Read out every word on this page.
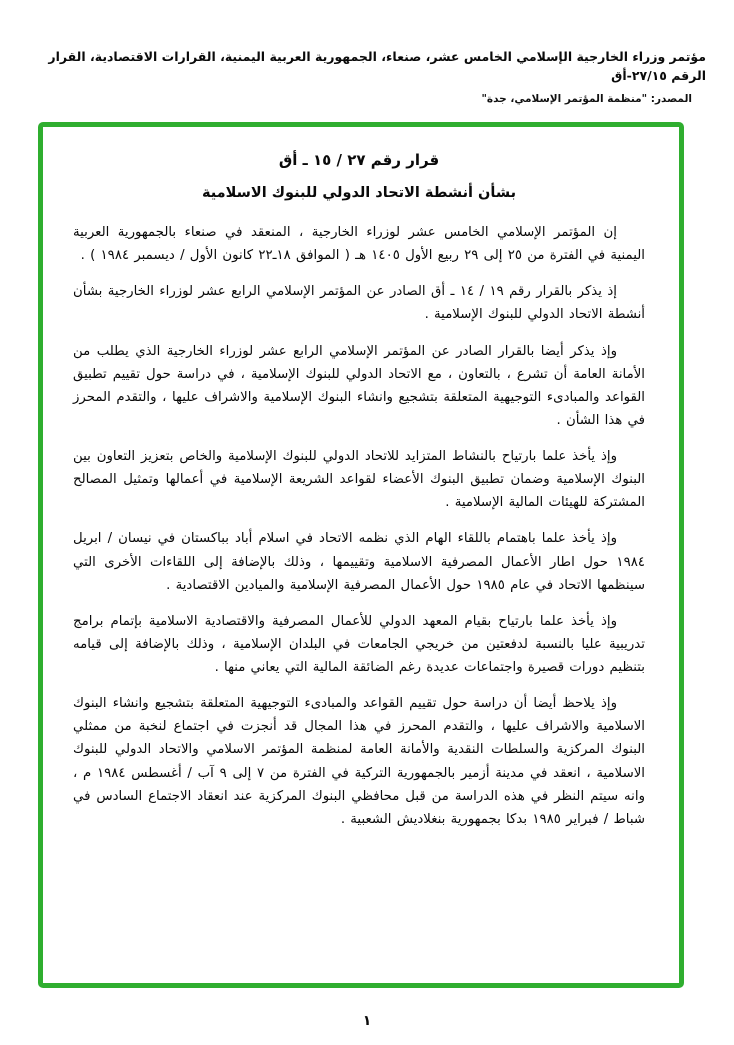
مؤتمر وزراء الخارجية الإسلامي الخامس عشر، صنعاء، الجمهورية العربية اليمنية، القرارات الاقتصادية، القرار الرقم ٢٧/١٥-أق
المصدر: "منظمة المؤتمر الإسلامي، جدة"
قرار رقم ٢٧ / ١٥ ـ أق
بشأن أنشطة الاتحاد الدولي للبنوك الاسلامية

إن المؤتمر الإسلامي الخامس عشر لوزراء الخارجية ، المنعقد في صنعاء بالجمهورية العربية اليمنية في الفترة من ٢٥ إلى ٢٩ ربيع الأول ١٤٠٥ هـ ( الموافق ١٨ـ٢٢ كانون الأول / ديسمبر ١٩٨٤ ) .

إذ يذكر بالقرار رقم ١٩ / ١٤ ـ أق الصادر عن المؤتمر الإسلامي الرابع عشر لوزراء الخارجية بشأن أنشطة الاتحاد الدولي للبنوك الإسلامية .

وإذ يذكر أيضا بالقرار الصادر عن المؤتمر الإسلامي الرابع عشر لوزراء الخارجية الذي يطلب من الأمانة العامة أن تشرع ، بالتعاون ، مع الاتحاد الدولي للبنوك الإسلامية ، في دراسة حول تقييم تطبيق القواعد والمبادىء التوجيهية المتعلقة بتشجيع وانشاء البنوك الإسلامية والاشراف عليها ، والتقدم المحرز في هذا الشأن .

وإذ يأخذ علما بارتياح بالنشاط المتزايد للاتحاد الدولي للبنوك الإسلامية والخاص بتعزيز التعاون بين البنوك الإسلامية وضمان تطبيق البنوك الأعضاء لقواعد الشريعة الإسلامية في أعمالها وتمثيل المصالح المشتركة للهيئات المالية الإسلامية .

وإذ يأخذ علما باهتمام باللقاء الهام الذي نظمه الاتحاد في اسلام أباد بباكستان في نيسان / ابريل ١٩٨٤ حول اطار الأعمال المصرفية الاسلامية وتقييمها ، وذلك بالإضافة إلى اللقاءات الأخرى التي سينظمها الاتحاد في عام ١٩٨٥ حول الأعمال المصرفية الإسلامية والميادين الاقتصادية .

وإذ يأخذ علما بارتياح بقيام المعهد الدولي للأعمال المصرفية والاقتصادية الاسلامية بإتمام برامج تدريبية عليا بالنسبة لدفعتين من خريجي الجامعات في البلدان الإسلامية ، وذلك بالإضافة إلى قيامه بتنظيم دورات قصيرة واجتماعات عديدة رغم الضائقة المالية التي يعاني منها .

وإذ يلاحظ أيضا أن دراسة حول تقييم القواعد والمبادىء التوجيهية المتعلقة بتشجيع وانشاء البنوك الاسلامية والاشراف عليها ، والتقدم المحرز في هذا المجال قد أنجزت في اجتماع لنخبة من ممثلي البنوك المركزية والسلطات النقدية والأمانة العامة لمنظمة المؤتمر الاسلامي والاتحاد الدولي للبنوك الاسلامية ، انعقد في مدينة أزمير بالجمهورية التركية في الفترة من ٧ إلى ٩ آب / أغسطس ١٩٨٤ م ، وانه سيتم النظر في هذه الدراسة من قبل محافظي البنوك المركزية عند انعقاد الاجتماع السادس في شباط / فبراير ١٩٨٥ بدكا بجمهورية بنغلاديش الشعبية .

١
